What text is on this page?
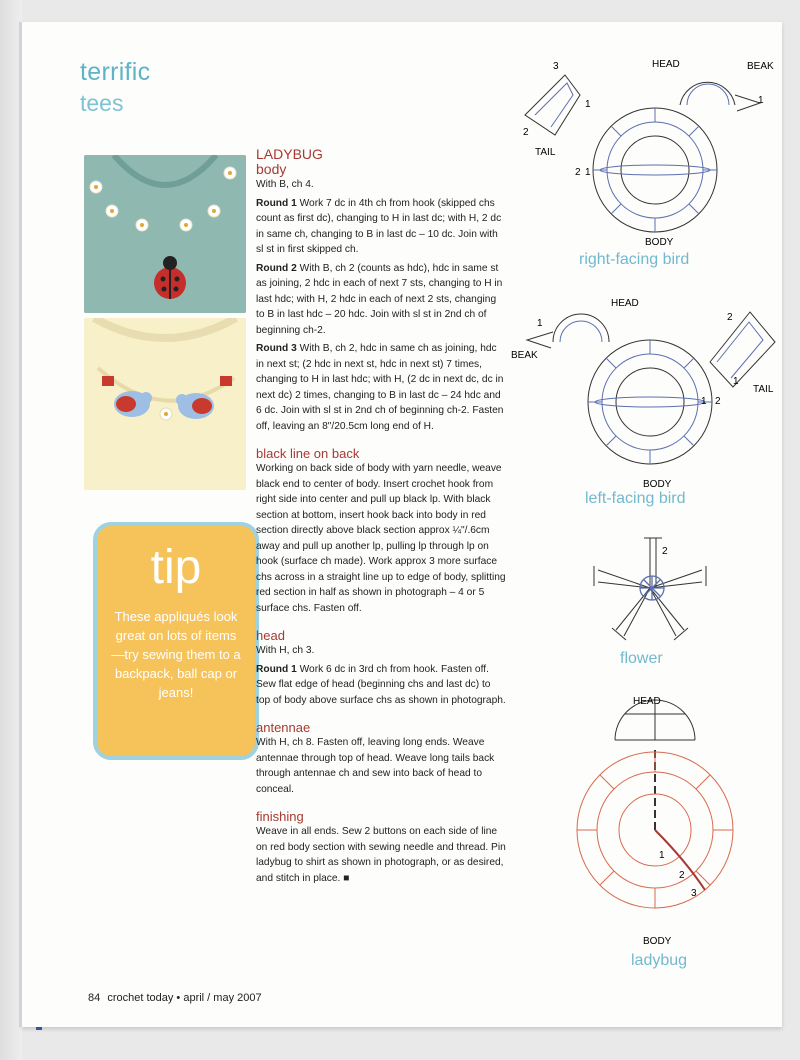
terrific
tees
tip
These appliqués look great on lots of items—try sewing them to a backpack, ball cap or jeans!
LADYBUG
body
With B, ch 4.
Round 1 Work 7 dc in 4th ch from hook (skipped chs count as first dc), changing to H in last dc; with H, 2 dc in same ch, changing to B in last dc – 10 dc. Join with sl st in first skipped ch.
Round 2 With B, ch 2 (counts as hdc), hdc in same st as joining, 2 hdc in each of next 7 sts, changing to H in last hdc; with H, 2 hdc in each of next 2 sts, changing to B in last hdc – 20 hdc. Join with sl st in 2nd ch of beginning ch-2.
Round 3 With B, ch 2, hdc in same ch as joining, hdc in next st; (2 hdc in next st, hdc in next st) 7 times, changing to H in last hdc; with H, (2 dc in next dc, dc in next dc) 2 times, changing to B in last dc – 24 hdc and 6 dc. Join with sl st in 2nd ch of beginning ch-2. Fasten off, leaving an 8"/20.5cm long end of H.
black line on back
Working on back side of body with yarn needle, weave black end to center of body. Insert crochet hook from right side into center and pull up black lp. With black section at bottom, insert hook back into body in red section directly above black section approx ¼"/.6cm away and pull up another lp, pulling lp through lp on hook (surface ch made). Work approx 3 more surface chs across in a straight line up to edge of body, splitting red section in half as shown in photograph – 4 or 5 surface chs. Fasten off.
head
With H, ch 3.
Round 1 Work 6 dc in 3rd ch from hook. Fasten off. Sew flat edge of head (beginning chs and last dc) to top of body above surface chs as shown in photograph.
antennae
With H, ch 8. Fasten off, leaving long ends. Weave antennae through top of head. Weave long tails back through antennae ch and sew into back of head to conceal.
finishing
Weave in all ends. Sew 2 buttons on each side of line on red body section with sewing needle and thread. Pin ladybug to shirt as shown in photograph, or as desired, and stitch in place. ■
HEAD	BEAK
TAIL
BODY
3
1
2
2 1
1
right-facing bird
HEAD
BEAK
TAIL
BODY
1
2
1
1 2
left-facing bird
2
flower
HEAD
BODY
1
2
3
ladybug
84 crochet today • april / may 2007
